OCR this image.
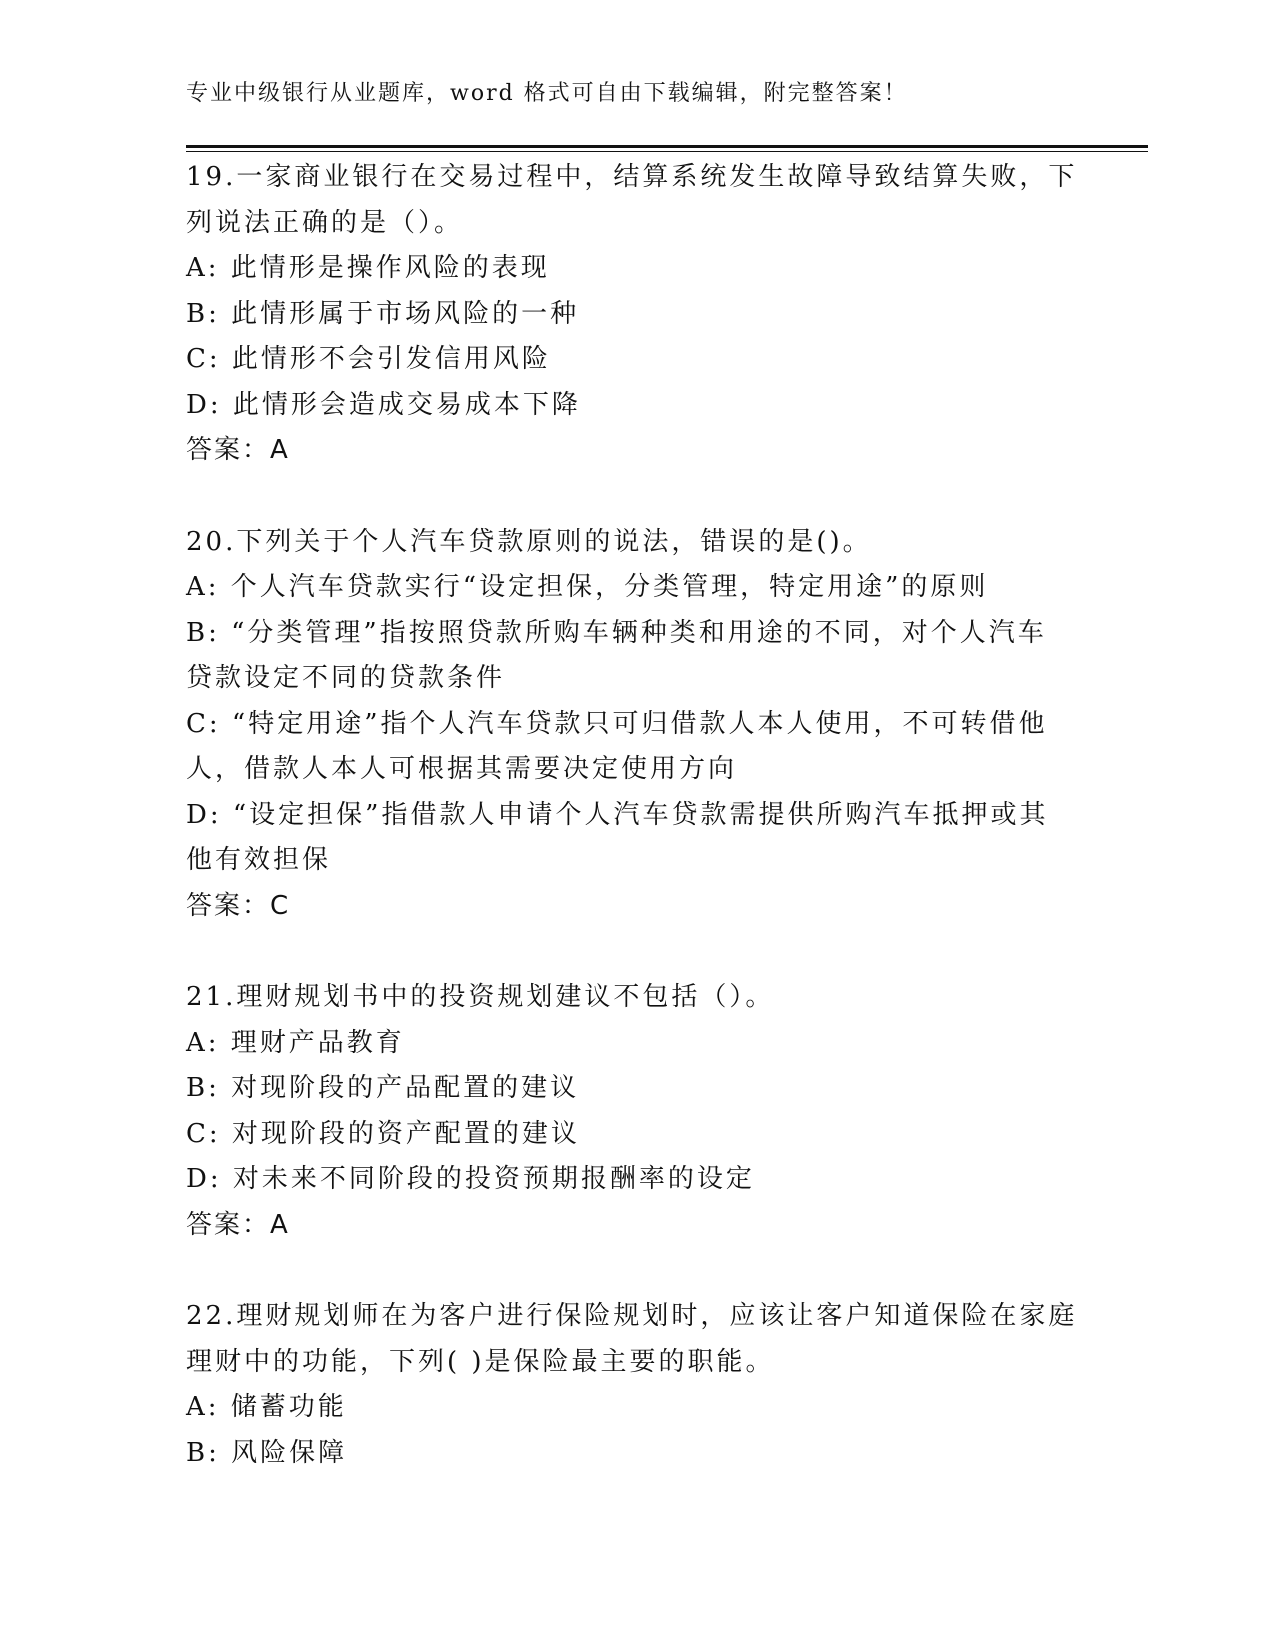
专业中级银行从业题库，word 格式可自由下载编辑，附完整答案！
19.一家商业银行在交易过程中，结算系统发生故障导致结算失败，下
列说法正确的是（）。
A: 此情形是操作风险的表现
B: 此情形属于市场风险的一种
C: 此情形不会引发信用风险
D: 此情形会造成交易成本下降
答案：A
20.下列关于个人汽车贷款原则的说法，错误的是()。
A: 个人汽车贷款实行“设定担保，分类管理，特定用途”的原则
B: “分类管理”指按照贷款所购车辆种类和用途的不同，对个人汽车
贷款设定不同的贷款条件
C: “特定用途”指个人汽车贷款只可归借款人本人使用，不可转借他
人，借款人本人可根据其需要决定使用方向
D: “设定担保”指借款人申请个人汽车贷款需提供所购汽车抵押或其
他有效担保
答案：C
21.理财规划书中的投资规划建议不包括（）。
A: 理财产品教育
B: 对现阶段的产品配置的建议
C: 对现阶段的资产配置的建议
D: 对未来不同阶段的投资预期报酬率的设定
答案：A
22.理财规划师在为客户进行保险规划时，应该让客户知道保险在家庭
理财中的功能，下列( )是保险最主要的职能。
A: 储蓄功能
B: 风险保障
